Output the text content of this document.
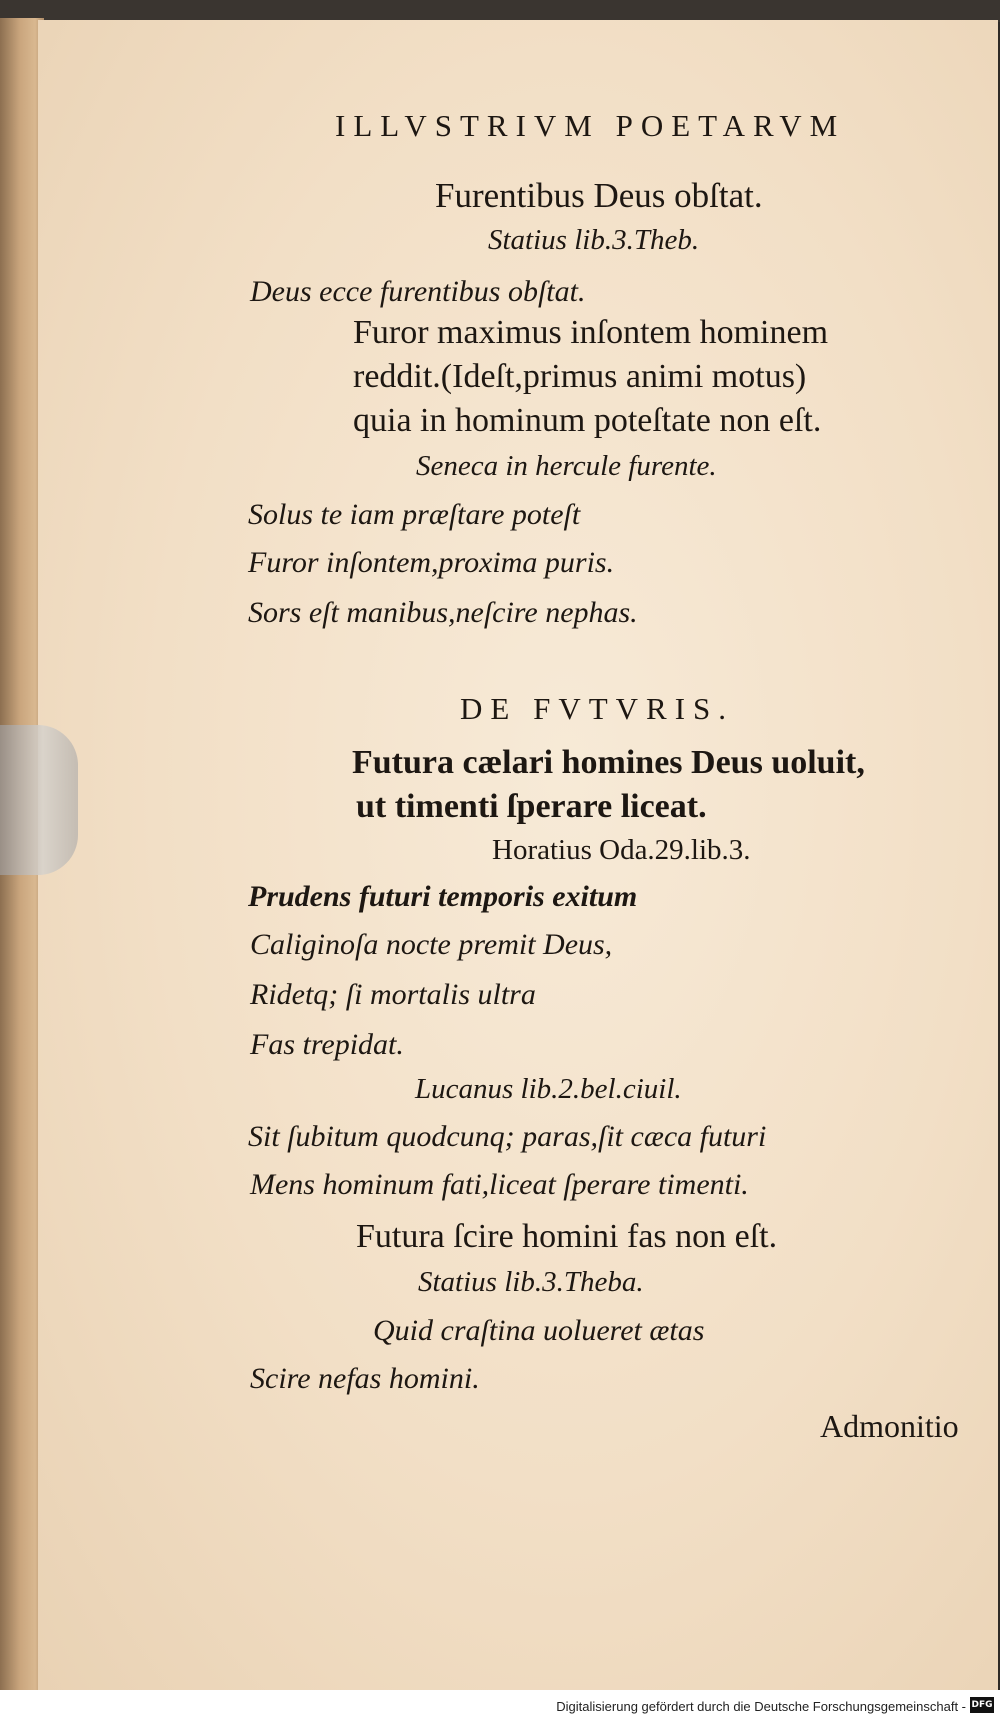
ILLVSTRIVM POETARVM
Furentibus Deus obſtat.
Statius lib.3.Theb.
Deus ecce furentibus obſtat.
Furor maximus inſontem hominem
reddit.(Ideſt,primus animi motus)
quia in hominum poteſtate non eſt.
Seneca in hercule furente.
Solus te iam præſtare poteſt
Furor inſontem,proxima puris.
Sors eſt manibus,neſcire nephas.
DE FVTVRIS.
Futura cælari homines Deus uoluit,
ut timenti ſperare liceat.
Horatius Oda.29.lib.3.
Prudens futuri temporis exitum
Caliginoſa nocte premit Deus,
Ridetq; ſi mortalis ultra
Fas trepidat.
Lucanus lib.2.bel.ciuil.
Sit ſubitum quodcunq; paras,ſit cæca futuri
Mens hominum fati,liceat ſperare timenti.
Futura ſcire homini fas non eſt.
Statius lib.3.Theba.
Quid craſtina uolueret ætas
Scire nefas homini.
Admonitio
Digitalisierung gefördert durch die Deutsche Forschungsgemeinschaft - DFG
